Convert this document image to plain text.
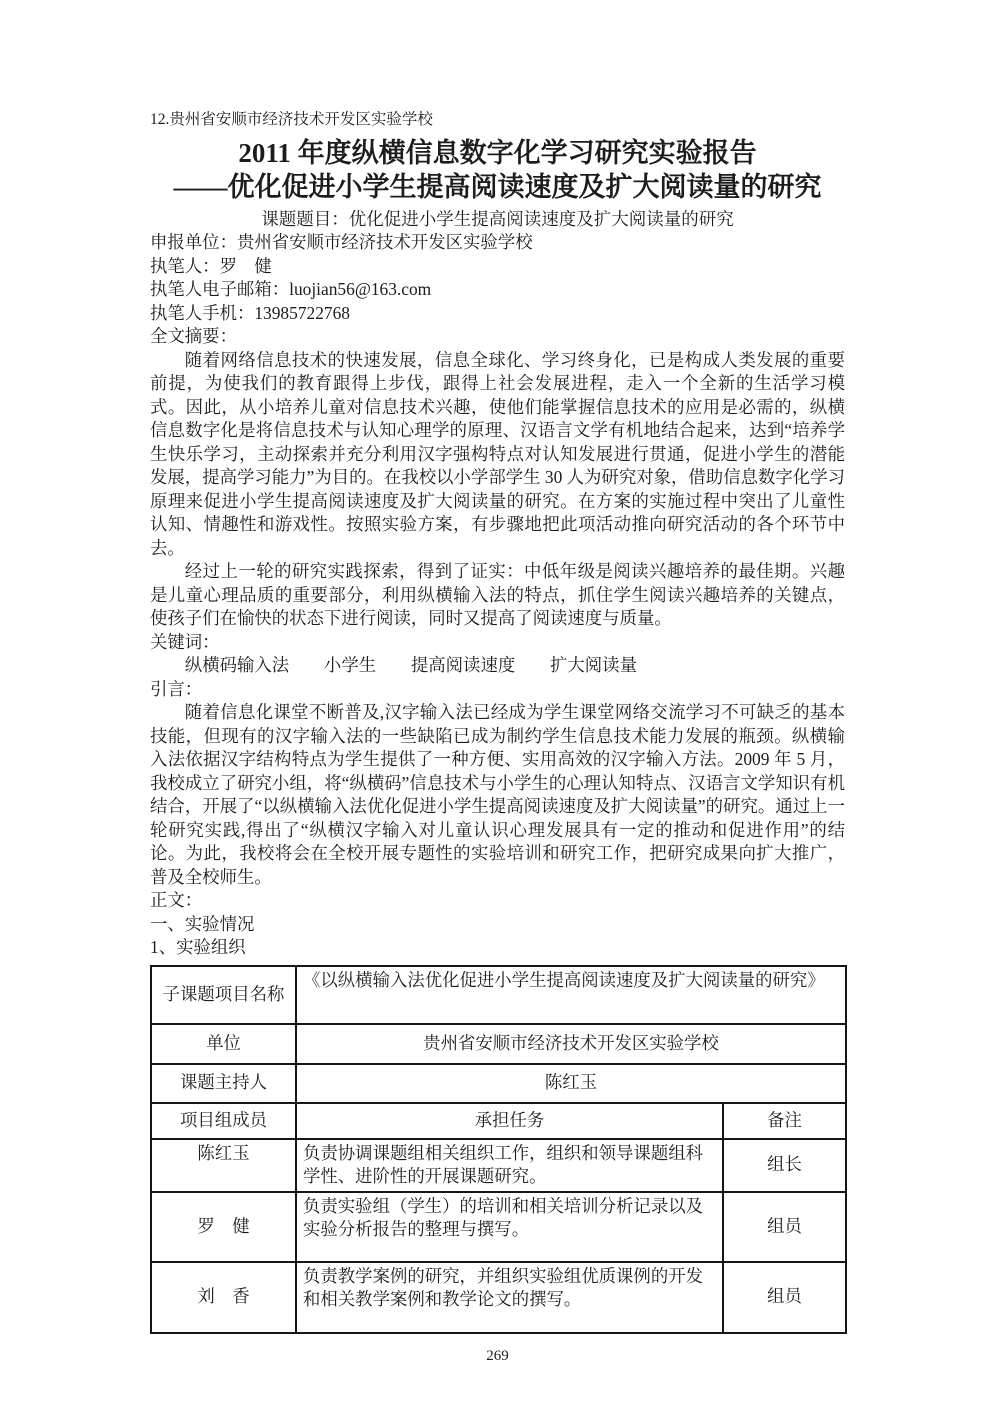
12.贵州省安顺市经济技术开发区实验学校
2011 年度纵横信息数字化学习研究实验报告
——优化促进小学生提高阅读速度及扩大阅读量的研究
课题题目：优化促进小学生提高阅读速度及扩大阅读量的研究
申报单位：贵州省安顺市经济技术开发区实验学校
执笔人：罗　健
执笔人电子邮箱：luojian56@163.com
执笔人手机：13985722768
全文摘要：

随着网络信息技术的快速发展，信息全球化、学习终身化，已是构成人类发展的重要前提，为使我们的教育跟得上步伐，跟得上社会发展进程，走入一个全新的生活学习模式。因此，从小培养儿童对信息技术兴趣，使他们能掌握信息技术的应用是必需的，纵横信息数字化是将信息技术与认知心理学的原理、汉语言文学有机地结合起来，达到“培养学生快乐学习，主动探索并充分利用汉字强构特点对认知发展进行贯通，促进小学生的潜能发展，提高学习能力”为目的。在我校以小学部学生 30 人为研究对象，借助信息数字化学习原理来促进小学生提高阅读速度及扩大阅读量的研究。在方案的实施过程中突出了儿童性认知、情趣性和游戏性。按照实验方案，有步骤地把此项活动推向研究活动的各个环节中去。

经过上一轮的研究实践探索，得到了证实：中低年级是阅读兴趣培养的最佳期。兴趣是儿童心理品质的重要部分，利用纵横输入法的特点，抓住学生阅读兴趣培养的关键点，使孩子们在愉快的状态下进行阅读，同时又提高了阅读速度与质量。

关键词：
纵横码输入法　　小学生　　提高阅读速度　　扩大阅读量
引言：

随着信息化课堂不断普及,汉字输入法已经成为学生课堂网络交流学习不可缺乏的基本技能，但现有的汉字输入法的一些缺陷已成为制约学生信息技术能力发展的瓶颈。纵横输入法依据汉字结构特点为学生提供了一种方便、实用高效的汉字输入方法。2009 年 5 月，我校成立了研究小组，将“纵横码”信息技术与小学生的心理认知特点、汉语言文学知识有机结合，开展了“以纵横输入法优化促进小学生提高阅读速度及扩大阅读量”的研究。通过上一轮研究实践,得出了“纵横汉字输入对儿童认识心理发展具有一定的推动和促进作用”的结论。为此，我校将会在全校开展专题性的实验培训和研究工作，把研究成果向扩大推广，普及全校师生。

正文：
一、实验情况
1、实验组织
子课题项目名称	《以纵横输入法优化促进小学生提高阅读速度及扩大阅读量的研究》	
单位	贵州省安顺市经济技术开发区实验学校	
课题主持人	陈红玉	
项目组成员	承担任务	备注
陈红玉	负责协调课题组相关组织工作，组织和领导课题组科学性、进阶性的开展课题研究。	组长
罗　健	负责实验组（学生）的培训和相关培训分析记录以及实验分析报告的整理与撰写。	组员
刘　香	负责教学案例的研究，并组织实验组优质课例的开发和相关教学案例和教学论文的撰写。	组员
269
